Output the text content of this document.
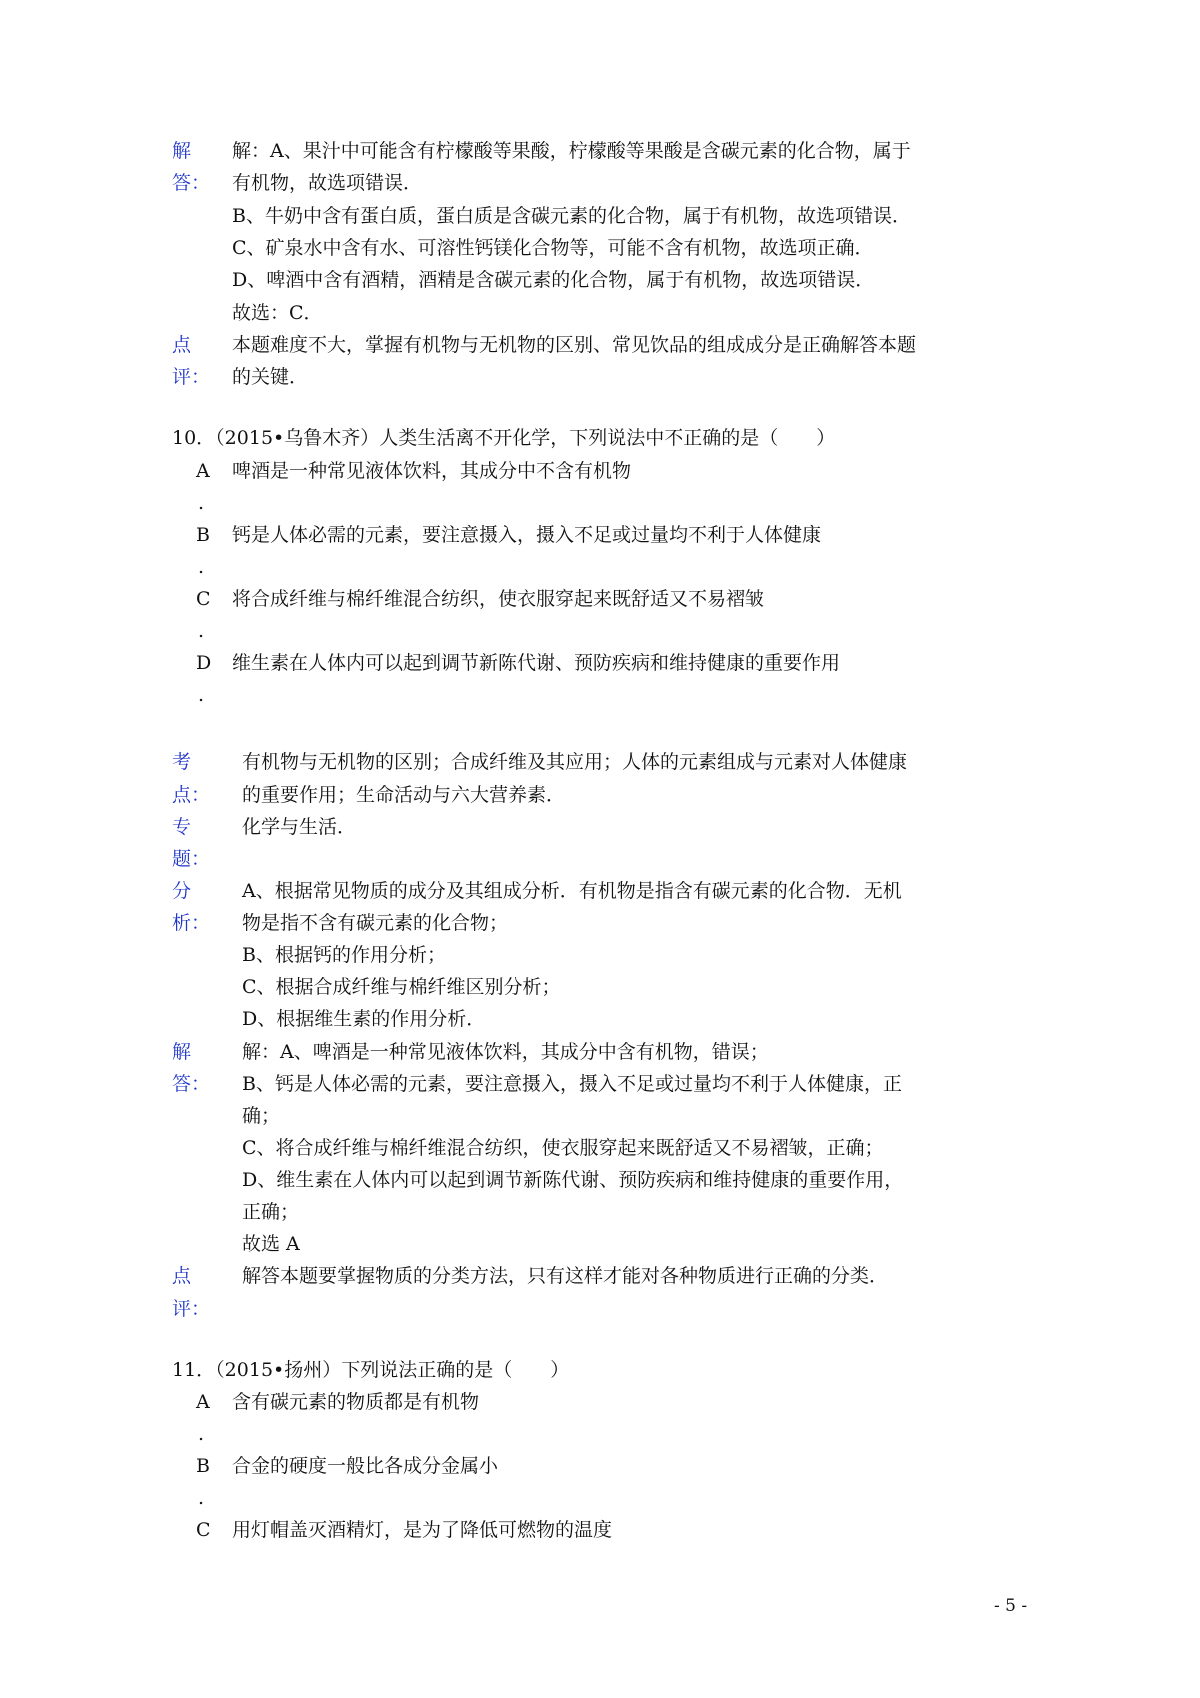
解
答：
解：A、果汁中可能含有柠檬酸等果酸，柠檬酸等果酸是含碳元素的化合物，属于
有机物，故选项错误．
B、牛奶中含有蛋白质，蛋白质是含碳元素的化合物，属于有机物，故选项错误．
C、矿泉水中含有水、可溶性钙镁化合物等，可能不含有机物，故选项正确．
D、啤酒中含有酒精，酒精是含碳元素的化合物，属于有机物，故选项错误．
故选：C．
点
评：
本题难度不大，掌握有机物与无机物的区别、常见饮品的组成成分是正确解答本题
的关键．
10．（2015•乌鲁木齐）人类生活离不开化学，下列说法中不正确的是（　　）
A
.
啤酒是一种常见液体饮料，其成分中不含有机物
B
.
钙是人体必需的元素，要注意摄入，摄入不足或过量均不利于人体健康
C
.
将合成纤维与棉纤维混合纺织，使衣服穿起来既舒适又不易褶皱
D
.
维生素在人体内可以起到调节新陈代谢、预防疾病和维持健康的重要作用
考
点：
有机物与无机物的区别；合成纤维及其应用；人体的元素组成与元素对人体健康
的重要作用；生命活动与六大营养素．
专
题：
化学与生活．
分
析：
A、根据常见物质的成分及其组成分析．有机物是指含有碳元素的化合物．无机
物是指不含有碳元素的化合物；
B、根据钙的作用分析；
C、根据合成纤维与棉纤维区别分析；
D、根据维生素的作用分析．
解
答：
解：A、啤酒是一种常见液体饮料，其成分中含有机物，错误；
B、钙是人体必需的元素，要注意摄入，摄入不足或过量均不利于人体健康，正
确；
C、将合成纤维与棉纤维混合纺织，使衣服穿起来既舒适又不易褶皱，正确；
D、维生素在人体内可以起到调节新陈代谢、预防疾病和维持健康的重要作用，
正确；
故选 A
点
评：
解答本题要掌握物质的分类方法，只有这样才能对各种物质进行正确的分类．
11．（2015•扬州）下列说法正确的是（　　）
A
.
含有碳元素的物质都是有机物
B
.
合金的硬度一般比各成分金属小
C 用灯帽盖灭酒精灯，是为了降低可燃物的温度
- 5 -
